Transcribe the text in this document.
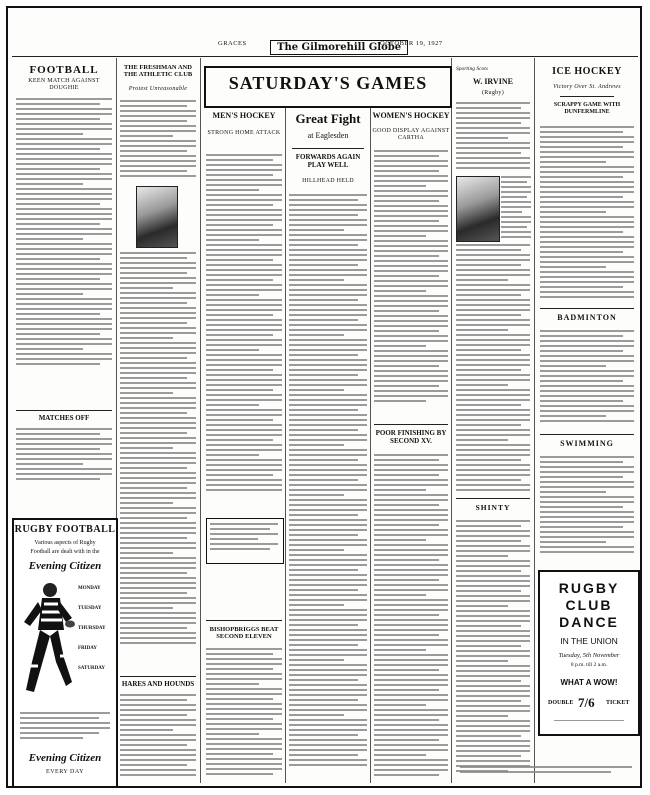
GRACES	The Gilmorehill Globe
OCTOBER 19, 1927
FOOTBALL
KEEN MATCH AGAINST DOUGHIE
MATCHES OFF
RUGBY FOOTBALL
Various aspects of Rugby
Football are dealt with in the
Evening Citizen
MONDAY
TUESDAY
THURSDAY
FRIDAY
SATURDAY
Evening Citizen
EVERY DAY
THE FRESHMAN AND THE ATHLETIC CLUB
Protest Unreasonable
HARES AND HOUNDS
SATURDAY'S GAMES
MEN'S HOCKEY
STRONG HOME ATTACK
BISHOPBRIGGS BEAT SECOND ELEVEN
Great Fight
at Eaglesden
FORWARDS AGAIN PLAY WELL
HILLHEAD HELD
WOMEN'S HOCKEY
GOOD DISPLAY AGAINST CARTHA
POOR FINISHING BY SECOND XV.
Sporting Scots
W. IRVINE
(Rugby)
SHINTY
ICE HOCKEY
Victory Over St. Andrews
SCRAPPY GAME WITH DUNFERMLINE
BADMINTON
SWIMMING
RUGBY
CLUB
DANCE
IN THE UNION
Tuesday, 5th November
8 p.m. till 2 a.m.
WHAT A WOW!
DOUBLE 7/6 TICKET
